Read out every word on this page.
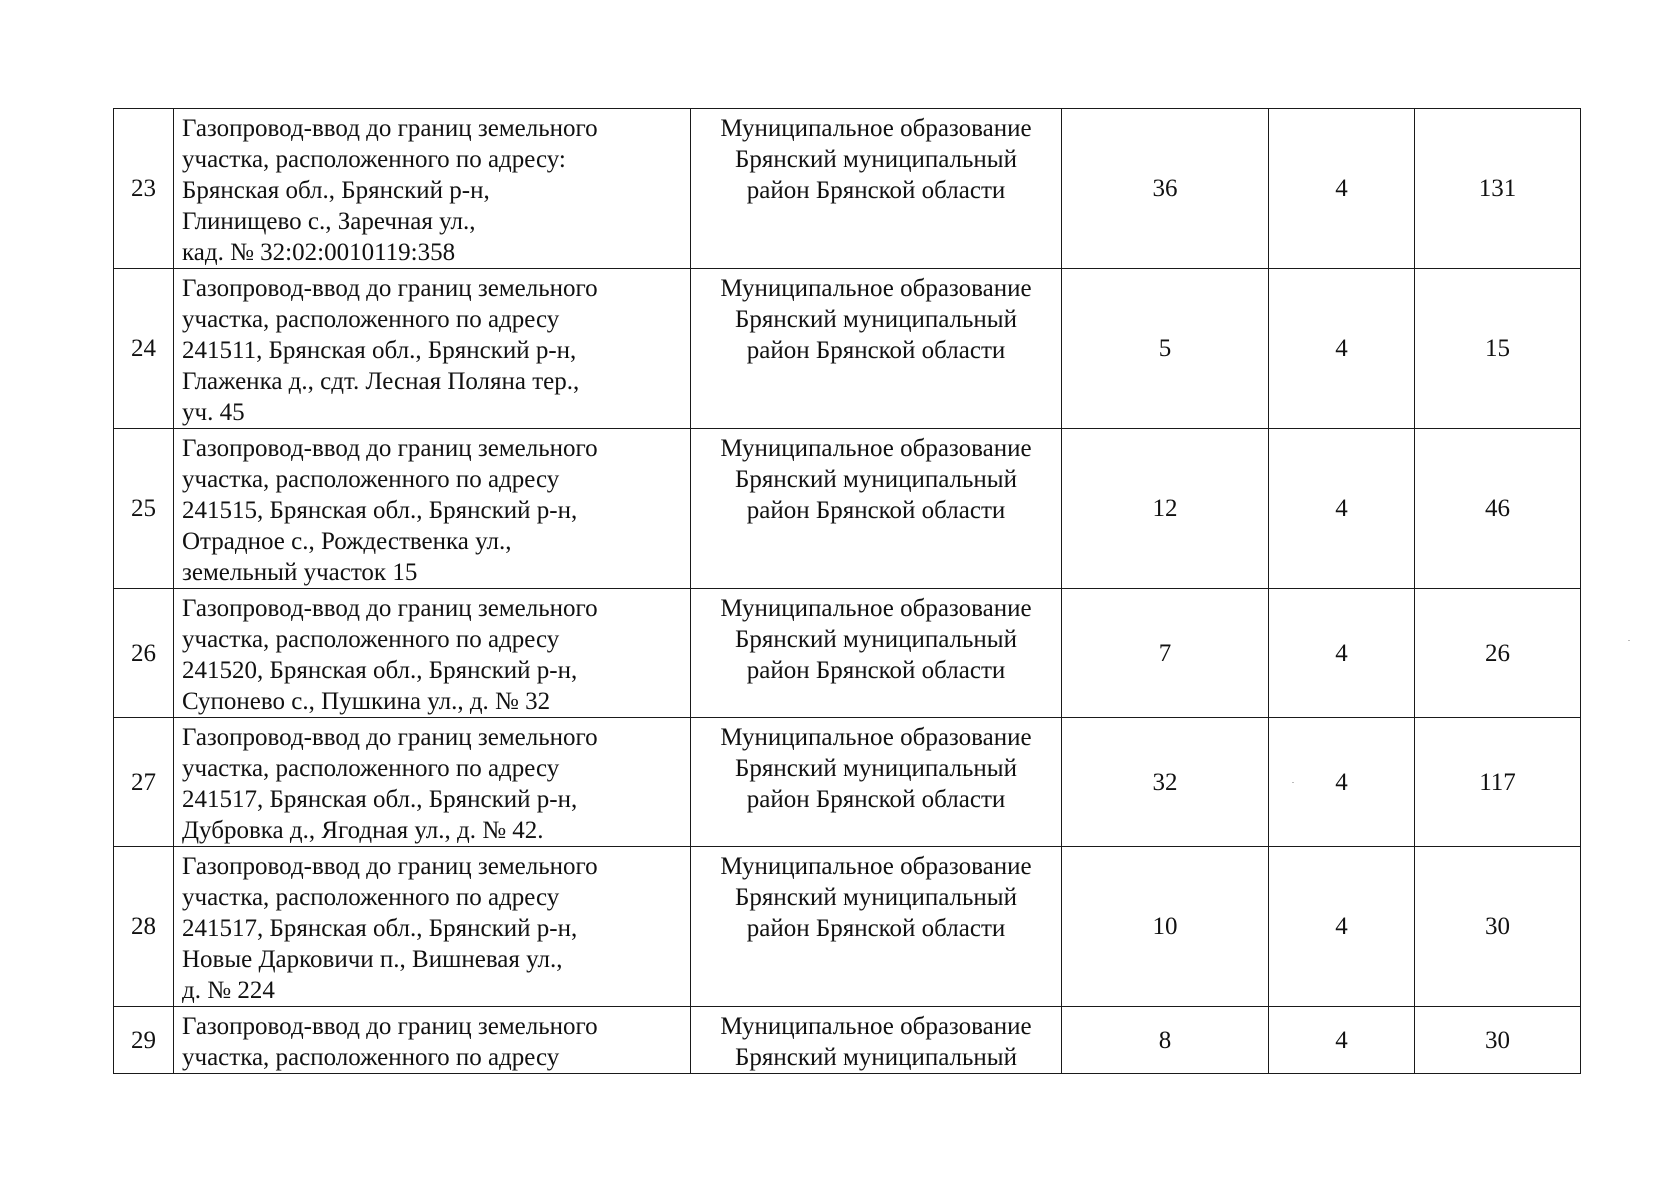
23	Газопровод-ввод до границ земельного
участка, расположенного по адресу:
Брянская обл., Брянский р-н,
Глинищево с., Заречная ул.,
кад. № 32:02:0010119:358	Муниципальное образование
Брянский муниципальный
район Брянской области	36	4	131
24	Газопровод-ввод до границ земельного
участка, расположенного по адресу
241511, Брянская обл., Брянский р-н,
Глаженка д., сдт. Лесная Поляна тер.,
уч. 45	Муниципальное образование
Брянский муниципальный
район Брянской области	5	4	15
25	Газопровод-ввод до границ земельного
участка, расположенного по адресу
241515, Брянская обл., Брянский р-н,
Отрадное с., Рождественка ул.,
земельный участок 15	Муниципальное образование
Брянский муниципальный
район Брянской области	12	4	46
26	Газопровод-ввод до границ земельного
участка, расположенного по адресу
241520, Брянская обл., Брянский р-н,
Супонево с., Пушкина ул., д. № 32	Муниципальное образование
Брянский муниципальный
район Брянской области	7	4	26
27	Газопровод-ввод до границ земельного
участка, расположенного по адресу
241517, Брянская обл., Брянский р-н,
Дубровка д., Ягодная ул., д. № 42.	Муниципальное образование
Брянский муниципальный
район Брянской области	32	4	117
28	Газопровод-ввод до границ земельного
участка, расположенного по адресу
241517, Брянская обл., Брянский р-н,
Новые Дарковичи п., Вишневая ул.,
д. № 224	Муниципальное образование
Брянский муниципальный
район Брянской области	10	4	30
29	Газопровод-ввод до границ земельного
участка, расположенного по адресу	Муниципальное образование
Брянский муниципальный	8	4	30
